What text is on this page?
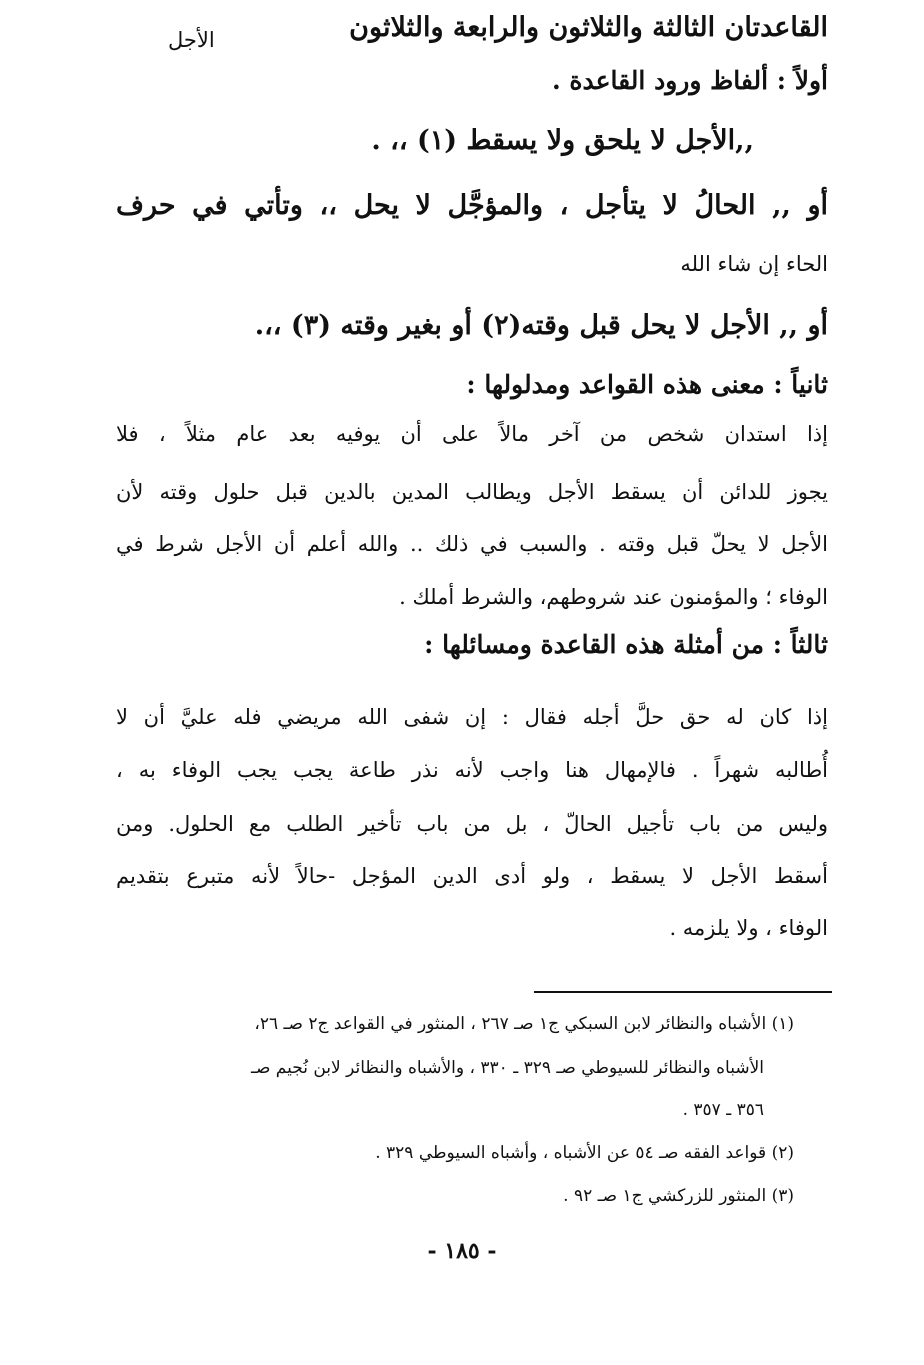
القاعدتان الثالثة والثلاثون والرابعة والثلاثون
الأجل
أولاً : ألفاظ ورود القاعدة .
,,الأجل لا يلحق ولا يسقط (١) ،، .
أو ,, الحالُ لا يتأجل ، والمؤجَّل لا يحل ،، وتأتي في حرف
الحاء إن شاء الله
أو ,, الأجل لا يحل قبل وقته(٢) أو بغير وقته (٣) ،،.
ثانياً : معنى هذه القواعد ومدلولها :
إذا استدان شخص من آخر مالاً على أن يوفيه بعد عام مثلاً ، فلا
يجوز للدائن أن يسقط الأجل ويطالب المدين بالدين قبل حلول وقته لأن
الأجل لا يحلّ قبل وقته . والسبب في ذلك .. والله أعلم أن الأجل شرط في
الوفاء ؛ والمؤمنون عند شروطهم، والشرط أملك .
ثالثاً : من أمثلة هذه القاعدة ومسائلها :
إذا كان له حق حلَّ أجله فقال : إن شفى الله مريضي فله عليَّ أن لا
أُطالبه شهراً . فالإمهال هنا واجب لأنه نذر طاعة يجب يجب الوفاء به ،
وليس من باب تأجيل الحالّ ، بل من باب تأخير الطلب مع الحلول. ومن
أسقط الأجل لا يسقط ، ولو أدى الدين المؤجل -حالاً لأنه متبرع بتقديم
الوفاء ، ولا يلزمه .
(١) الأشباه والنظائر لابن السبكي ج١ صـ ٢٦٧ ، المنثور في القواعد ج٢ صـ ٢٦،
الأشباه والنظائر للسيوطي صـ ٣٢٩ ـ ٣٣٠ ، والأشباه والنظائر لابن نُجيم صـ
٣٥٦ ـ ٣٥٧ .
(٢) قواعد الفقه صـ ٥٤ عن الأشباه ، وأشباه السيوطي ٣٢٩ .
(٣) المنثور للزركشي ج١ صـ ٩٢ .
- ١٨٥ -
